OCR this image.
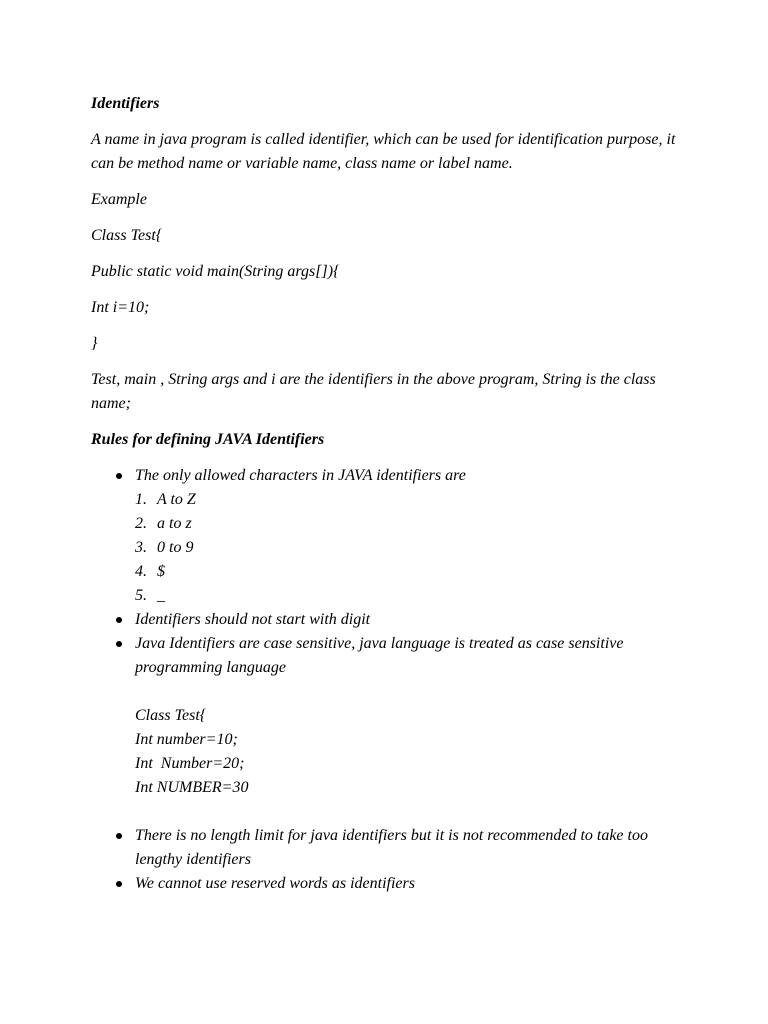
Identifiers

A name in java program is called identifier, which can be used for identification purpose, it can be method name or variable name, class name or label name.

Example

Class Test{

Public static void main(String args[]){

Int i=10;

}

Test, main , String args and i are the identifiers in the above program, String is the class name;

Rules for defining JAVA Identifiers

The only allowed characters in JAVA identifiers are
1. A to Z
2. a to z
3. 0 to 9
4. $
5. _
Identifiers should not start with digit
Java Identifiers are case sensitive, java language is treated as case sensitive programming language
Class Test{
Int number=10;
Int  Number=20;
Int NUMBER=30
There is no length limit for java identifiers but it is not recommended to take too lengthy identifiers
We cannot use reserved words as identifiers
